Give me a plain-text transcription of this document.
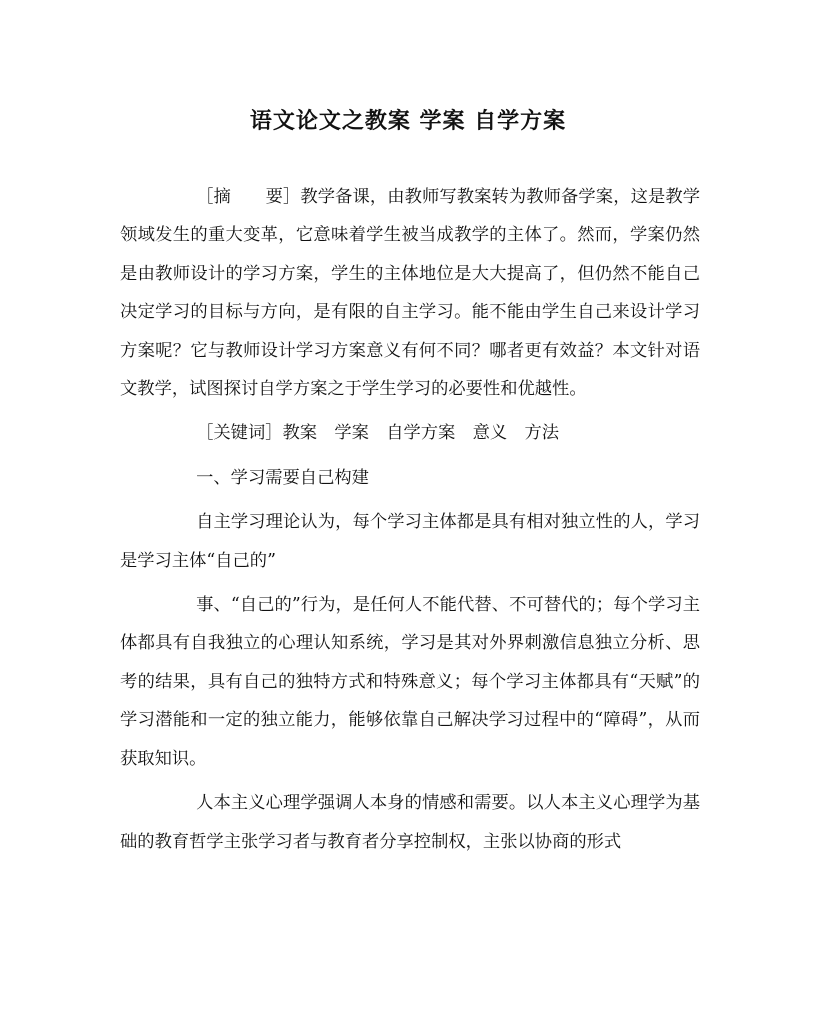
语文论文之教案 学案 自学方案

［摘　　要］教学备课，由教师写教案转为教师备学案，这是教学领域发生的重大变革，它意味着学生被当成教学的主体了。然而，学案仍然是由教师设计的学习方案，学生的主体地位是大大提高了，但仍然不能自己决定学习的目标与方向，是有限的自主学习。能不能由学生自己来设计学习方案呢？它与教师设计学习方案意义有何不同？哪者更有效益？本文针对语文教学，试图探讨自学方案之于学生学习的必要性和优越性。

［关键词］教案　学案　自学方案　意义　方法

一、学习需要自己构建

自主学习理论认为，每个学习主体都是具有相对独立性的人，学习是学习主体“自己的”

事、“自己的”行为，是任何人不能代替、不可替代的；每个学习主体都具有自我独立的心理认知系统，学习是其对外界刺激信息独立分析、思考的结果，具有自己的独特方式和特殊意义；每个学习主体都具有“天赋”的学习潜能和一定的独立能力，能够依靠自己解决学习过程中的“障碍”，从而获取知识。

人本主义心理学强调人本身的情感和需要。以人本主义心理学为基础的教育哲学主张学习者与教育者分享控制权，主张以协商的形式
